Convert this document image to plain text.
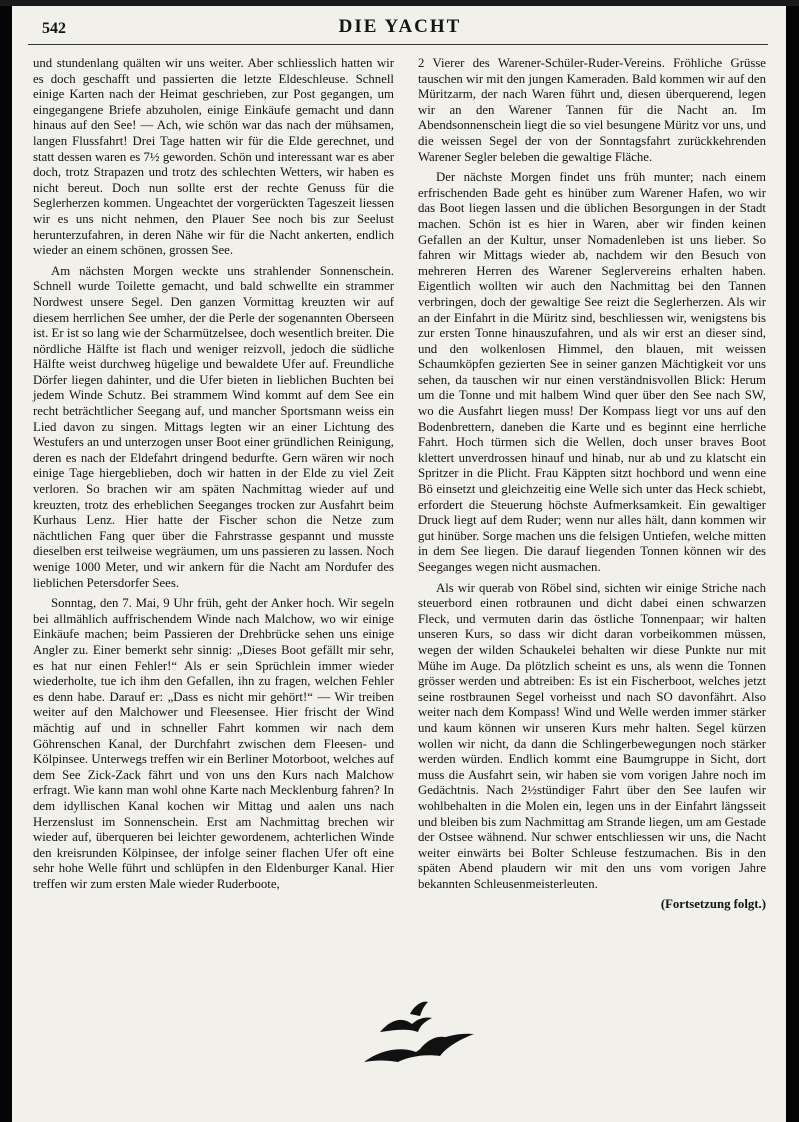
542	DIE YACHT

und stundenlang quälten wir uns weiter. Aber schliesslich hatten wir es doch geschafft und passierten die letzte Eldeschleuse. Schnell einige Karten nach der Heimat geschrieben, zur Post gegangen, um eingegangene Briefe abzuholen, einige Einkäufe gemacht und dann hinaus auf den See! — Ach, wie schön war das nach der mühsamen, langen Flussfahrt! Drei Tage hatten wir für die Elde gerechnet, und statt dessen waren es 7½ geworden. Schön und interessant war es aber doch, trotz Strapazen und trotz des schlechten Wetters, wir haben es nicht bereut. Doch nun sollte erst der rechte Genuss für die Seglerherzen kommen. Ungeachtet der vorgerückten Tageszeit liessen wir es uns nicht nehmen, den Plauer See noch bis zur Seelust herunterzufahren, in deren Nähe wir für die Nacht ankerten, endlich wieder an einem schönen, grossen See.

Am nächsten Morgen weckte uns strahlender Sonnenschein. Schnell wurde Toilette gemacht, und bald schwellte ein strammer Nordwest unsere Segel. Den ganzen Vormittag kreuzten wir auf diesem herrlichen See umher, der die Perle der sogenannten Oberseen ist. Er ist so lang wie der Scharmützelsee, doch wesentlich breiter. Die nördliche Hälfte ist flach und weniger reizvoll, jedoch die südliche Hälfte weist durchweg hügelige und bewaldete Ufer auf. Freundliche Dörfer liegen dahinter, und die Ufer bieten in lieblichen Buchten bei jedem Winde Schutz. Bei strammem Wind kommt auf dem See ein recht beträchtlicher Seegang auf, und mancher Sportsmann weiss ein Lied davon zu singen. Mittags legten wir an einer Lichtung des Westufers an und unterzogen unser Boot einer gründlichen Reinigung, deren es nach der Eldefahrt dringend bedurfte. Gern wären wir noch einige Tage hiergeblieben, doch wir hatten in der Elde zu viel Zeit verloren. So brachen wir am späten Nachmittag wieder auf und kreuzten, trotz des erheblichen Seeganges trocken zur Ausfahrt beim Kurhaus Lenz. Hier hatte der Fischer schon die Netze zum nächtlichen Fang quer über die Fahrstrasse gespannt und musste dieselben erst teilweise wegräumen, um uns passieren zu lassen. Noch wenige 1000 Meter, und wir ankern für die Nacht am Nordufer des lieblichen Petersdorfer Sees.

Sonntag, den 7. Mai, 9 Uhr früh, geht der Anker hoch. Wir segeln bei allmählich auffrischendem Winde nach Malchow, wo wir einige Einkäufe machen; beim Passieren der Drehbrücke sehen uns einige Angler zu. Einer bemerkt sehr sinnig: „Dieses Boot gefällt mir sehr, es hat nur einen Fehler!“ Als er sein Sprüchlein immer wieder wiederholte, tue ich ihm den Gefallen, ihn zu fragen, welchen Fehler es denn habe. Darauf er: „Dass es nicht mir gehört!“ — Wir treiben weiter auf den Malchower und Fleesensee. Hier frischt der Wind mächtig auf und in schneller Fahrt kommen wir nach dem Göhrenschen Kanal, der Durchfahrt zwischen dem Fleesen- und Kölpinsee. Unterwegs treffen wir ein Berliner Motorboot, welches auf dem See Zick-Zack fährt und von uns den Kurs nach Malchow erfragt. Wie kann man wohl ohne Karte nach Mecklenburg fahren? In dem idyllischen Kanal kochen wir Mittag und aalen uns nach Herzenslust im Sonnenschein. Erst am Nachmittag brechen wir wieder auf, überqueren bei leichter gewordenem, achterlichen Winde den kreisrunden Kölpinsee, der infolge seiner flachen Ufer oft eine sehr hohe Welle führt und schlüpfen in den Eldenburger Kanal. Hier treffen wir zum ersten Male wieder Ruderboote,

2 Vierer des Warener-Schüler-Ruder-Vereins. Fröhliche Grüsse tauschen wir mit den jungen Kameraden. Bald kommen wir auf den Müritzarm, der nach Waren führt und, diesen überquerend, legen wir an den Warener Tannen für die Nacht an. Im Abendsonnenschein liegt die so viel besungene Müritz vor uns, und die weissen Segel der von der Sonntagsfahrt zurückkehrenden Warener Segler beleben die gewaltige Fläche.

Der nächste Morgen findet uns früh munter; nach einem erfrischenden Bade geht es hinüber zum Warener Hafen, wo wir das Boot liegen lassen und die üblichen Besorgungen in der Stadt machen. Schön ist es hier in Waren, aber wir finden keinen Gefallen an der Kultur, unser Nomadenleben ist uns lieber. So fahren wir Mittags wieder ab, nachdem wir den Besuch von mehreren Herren des Warener Seglervereins erhalten haben. Eigentlich wollten wir auch den Nachmittag bei den Tannen verbringen, doch der gewaltige See reizt die Seglerherzen. Als wir an der Einfahrt in die Müritz sind, beschliessen wir, wenigstens bis zur ersten Tonne hinauszufahren, und als wir erst an dieser sind, und den wolkenlosen Himmel, den blauen, mit weissen Schaumköpfen gezierten See in seiner ganzen Mächtigkeit vor uns sehen, da tauschen wir nur einen verständnisvollen Blick: Herum um die Tonne und mit halbem Wind quer über den See nach SW, wo die Ausfahrt liegen muss! Der Kompass liegt vor uns auf den Bodenbrettern, daneben die Karte und es beginnt eine herrliche Fahrt. Hoch türmen sich die Wellen, doch unser braves Boot klettert unverdrossen hinauf und hinab, nur ab und zu klatscht ein Spritzer in die Plicht. Frau Käppten sitzt hochbord und wenn eine Bö einsetzt und gleichzeitig eine Welle sich unter das Heck schiebt, erfordert die Steuerung höchste Aufmerksamkeit. Ein gewaltiger Druck liegt auf dem Ruder; wenn nur alles hält, dann kommen wir gut hinüber. Sorge machen uns die felsigen Untiefen, welche mitten in dem See liegen. Die darauf liegenden Tonnen können wir des Seeganges wegen nicht ausmachen.

Als wir querab von Röbel sind, sichten wir einige Striche nach steuerbord einen rotbraunen und dicht dabei einen schwarzen Fleck, und vermuten darin das östliche Tonnenpaar; wir halten unseren Kurs, so dass wir dicht daran vorbeikommen müssen, wegen der wilden Schaukelei behalten wir diese Punkte nur mit Mühe im Auge. Da plötzlich scheint es uns, als wenn die Tonnen grösser werden und abtreiben: Es ist ein Fischerboot, welches jetzt seine rostbraunen Segel vorheisst und nach SO davonfährt. Also weiter nach dem Kompass! Wind und Welle werden immer stärker und kaum können wir unseren Kurs mehr halten. Segel kürzen wollen wir nicht, da dann die Schlingerbewegungen noch stärker werden würden. Endlich kommt eine Baumgruppe in Sicht, dort muss die Ausfahrt sein, wir haben sie vom vorigen Jahre noch im Gedächtnis. Nach 2½stündiger Fahrt über den See laufen wir wohlbehalten in die Molen ein, legen uns in der Einfahrt längsseit und bleiben bis zum Nachmittag am Strande liegen, um am Gestade der Ostsee wähnend. Nur schwer entschliessen wir uns, die Nacht weiter einwärts bei Bolter Schleuse festzumachen. Bis in den späten Abend plaudern wir mit den uns vom vorigen Jahre bekannten Schleusenmeisterleuten.

(Fortsetzung folgt.)
